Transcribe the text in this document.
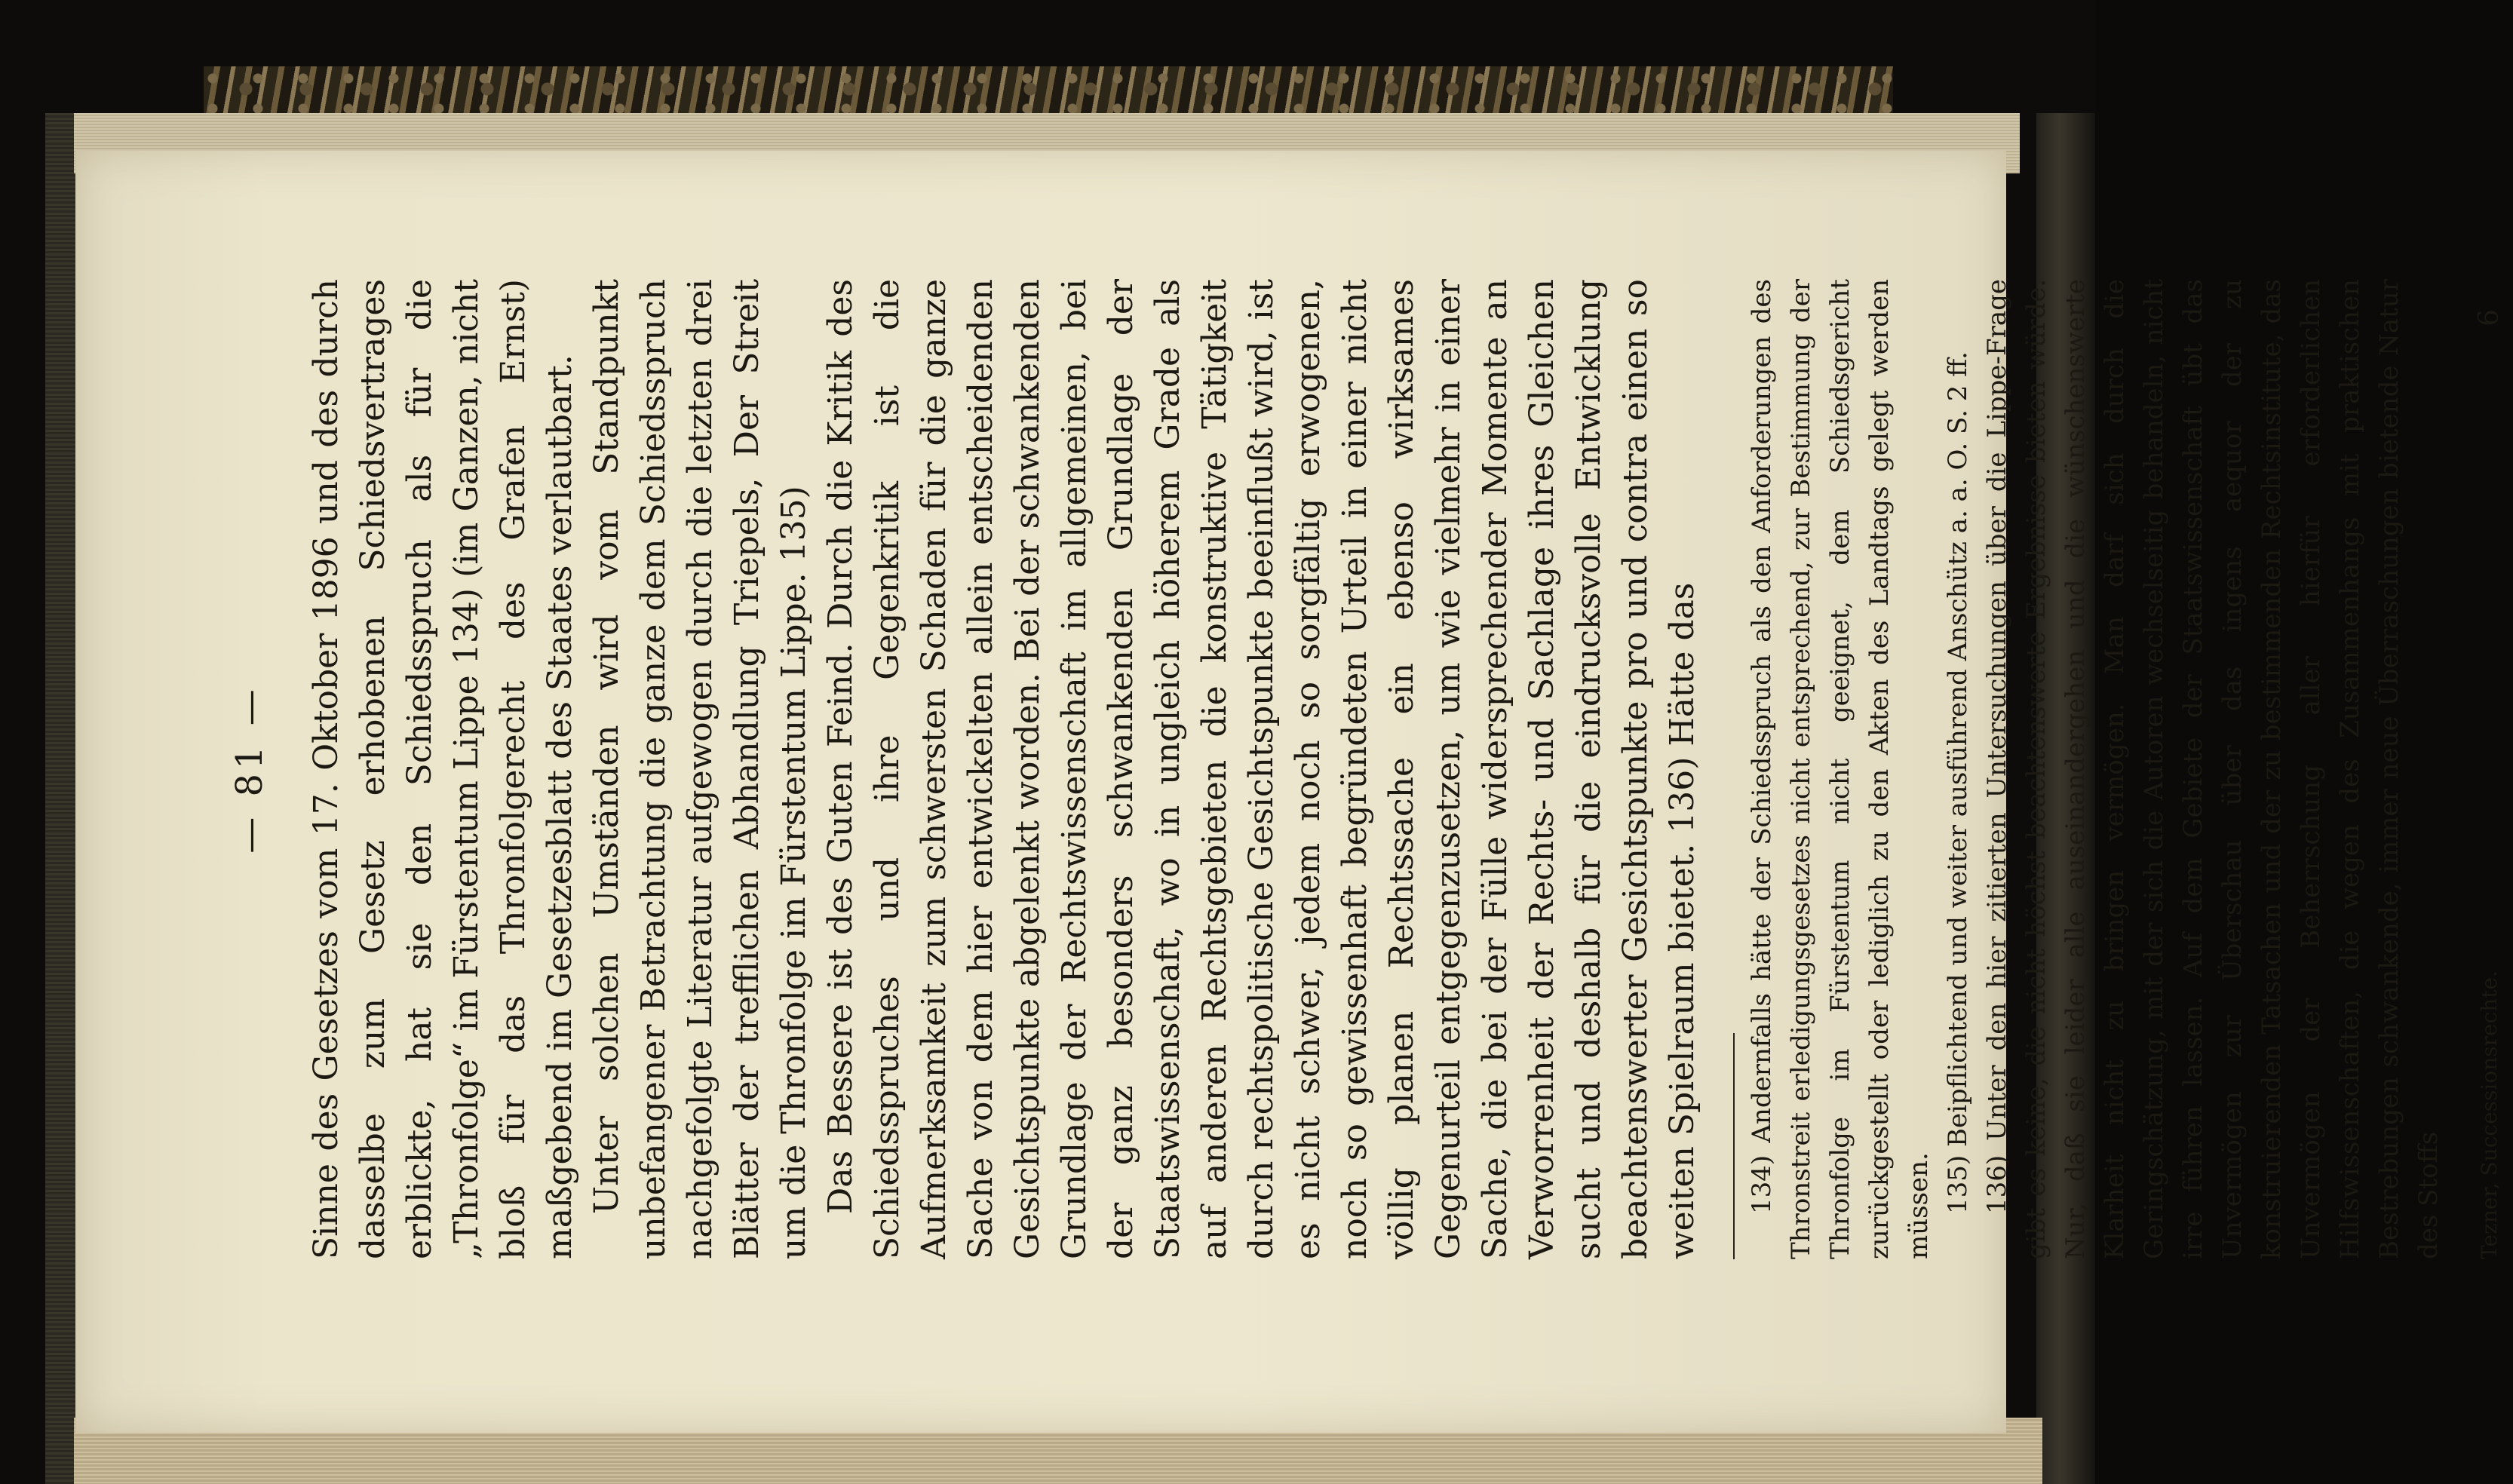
— 81 — Sinne des Gesetzes vom 17. Oktober 1896 und des durch dasselbe zum Gesetz erhobenen Schiedsvertrages erblickte, hat sie den Schiedsspruch als für die „Thronfolge“ im Fürstentum Lippe 134) (im Ganzen, nicht bloß für das Thronfolgerecht des Grafen Ernst) maßgebend im Gesetzesblatt des Staates verlautbart. Unter solchen Umständen wird vom Standpunkt unbefangener Betrachtung die ganze dem Schiedsspruch nachgefolgte Literatur aufgewogen durch die letzten drei Blätter der trefflichen Abhandlung Triepels, Der Streit um die Thronfolge im Fürstentum Lippe. 135) Das Bessere ist des Guten Feind. Durch die Kritik des Schiedsspruches und ihre Gegenkritik ist die Aufmerksamkeit zum schwersten Schaden für die ganze Sache von dem hier entwickelten allein entscheidenden Gesichtspunkte abgelenkt worden. Bei der schwankenden Grundlage der Rechtswissenschaft im allgemeinen, bei der ganz besonders schwankenden Grundlage der Staatswissenschaft, wo in ungleich höherem Grade als auf anderen Rechtsgebieten die konstruktive Tätigkeit durch rechtspolitische Gesichtspunkte beeinflußt wird, ist es nicht schwer, jedem noch so sorgfältig erwogenen, noch so gewissenhaft begründeten Urteil in einer nicht völlig planen Rechtssache ein ebenso wirksames Gegenurteil entgegenzusetzen, um wie vielmehr in einer Sache, die bei der Fülle widersprechender Momente an Verworrenheit der Rechts- und Sachlage ihres Gleichen sucht und deshalb für die eindrucksvolle Entwicklung beachtenswerter Gesichtspunkte pro und contra einen so weiten Spielraum bietet. 136) Hätte das 134) Andernfalls hätte der Schiedsspruch als den Anforderungen des Thronstreit erledigungsgesetzes nicht entsprechend, zur Bestimmung der Thronfolge im Fürstentum nicht geeignet, dem Schiedsgericht zurückgestellt oder lediglich zu den Akten des Landtags gelegt werden müssen. 135) Beipflichtend und weiter ausführend Anschütz a. a. O. S. 2 ff. 136) Unter den hier zitierten Untersuchungen über die Lippe-Frage gibt es keine, die nicht höchst beachtenswerte Ergebnisse bieten würde. Nur, daß sie leider alle auseinandergehen und die wünschenswerte Klarheit nicht zu bringen vermögen. Man darf sich durch die Geringschätzung, mit der sich die Autoren wechselseitig behandeln, nicht irre führen lassen. Auf dem Gebiete der Staatswissenschaft übt das Unvermögen zur Überschau über das ingens aequor der zu konstruierenden Tatsachen und der zu bestimmenden Rechtsinstitute, das Unvermögen der Beherrschung aller hierfür erforderlichen Hilfswissenschaften, die wegen des Zusammenhangs mit praktischen Bestrebungen schwankende, immer neue Überraschungen bietende Natur des Stoffs	Tezner, Successionsrechte.
6
